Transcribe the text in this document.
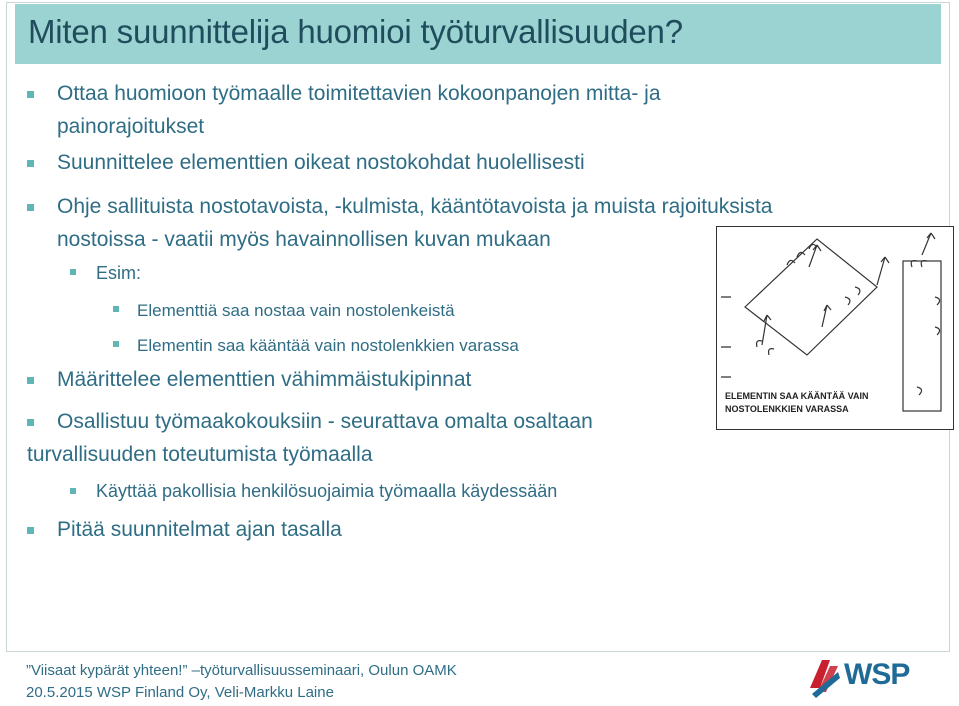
Miten suunnittelija huomioi työturvallisuuden?
Ottaa huomioon työmaalle toimitettavien kokoonpanojen mitta- ja
painorajoitukset
Suunnittelee elementtien oikeat nostokohdat huolellisesti
Ohje sallituista nostotavoista, -kulmista, kääntötavoista ja muista rajoituksista
nostoissa - vaatii myös havainnollisen kuvan mukaan
Esim:
Elementtiä saa nostaa vain nostolenkeistä
Elementin saa kääntää vain nostolenkkien varassa
Määrittelee elementtien vähimmäistukipinnat
Osallistuu työmaakokouksiin - seurattava omalta osaltaan
turvallisuuden toteutumista työmaalla
Käyttää pakollisia henkilösuojaimia työmaalla käydessään
Pitää suunnitelmat ajan tasalla
ELEMENTIN SAA KÄÄNTÄÄ VAIN
NOSTOLENKKIEN VARASSA
”Viisaat kypärät yhteen!” –työturvallisuusseminaari, Oulun OAMK
20.5.2015 WSP Finland Oy, Veli-Markku Laine
WSP
